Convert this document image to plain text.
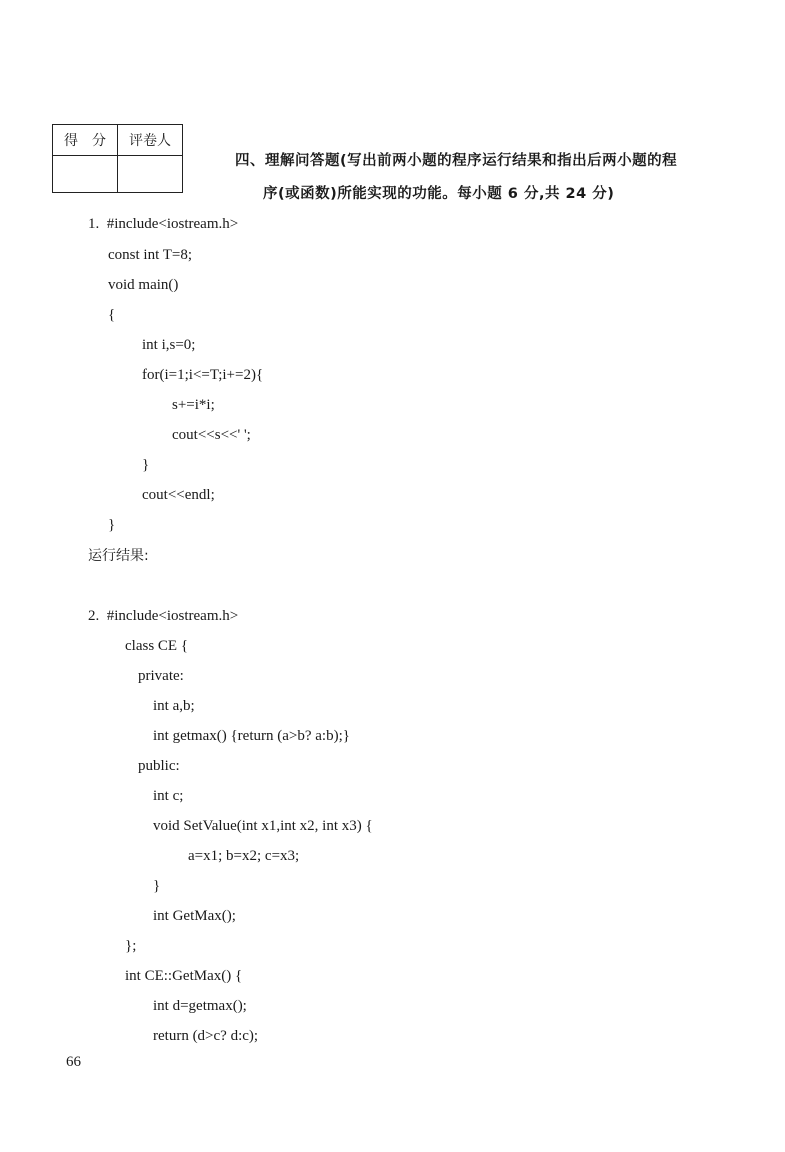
得　分	评卷人

四、理解问答题(写出前两小题的程序运行结果和指出后两小题的程
序(或函数)所能实现的功能。每小题 6 分,共 24 分)
1.  #include<iostream.h>
const int T=8;
void main()
{
int i,s=0;
for(i=1;i<=T;i+=2){
s+=i*i;
cout<<s<<' ';
}
cout<<endl;
}
运行结果:
2.  #include<iostream.h>
class CE {
private:
int a,b;
int getmax() {return (a>b? a:b);}
public:
int c;
void SetValue(int x1,int x2, int x3) {
a=x1; b=x2; c=x3;
}
int GetMax();
};
int CE::GetMax() {
int d=getmax();
return (d>c? d:c);
66
